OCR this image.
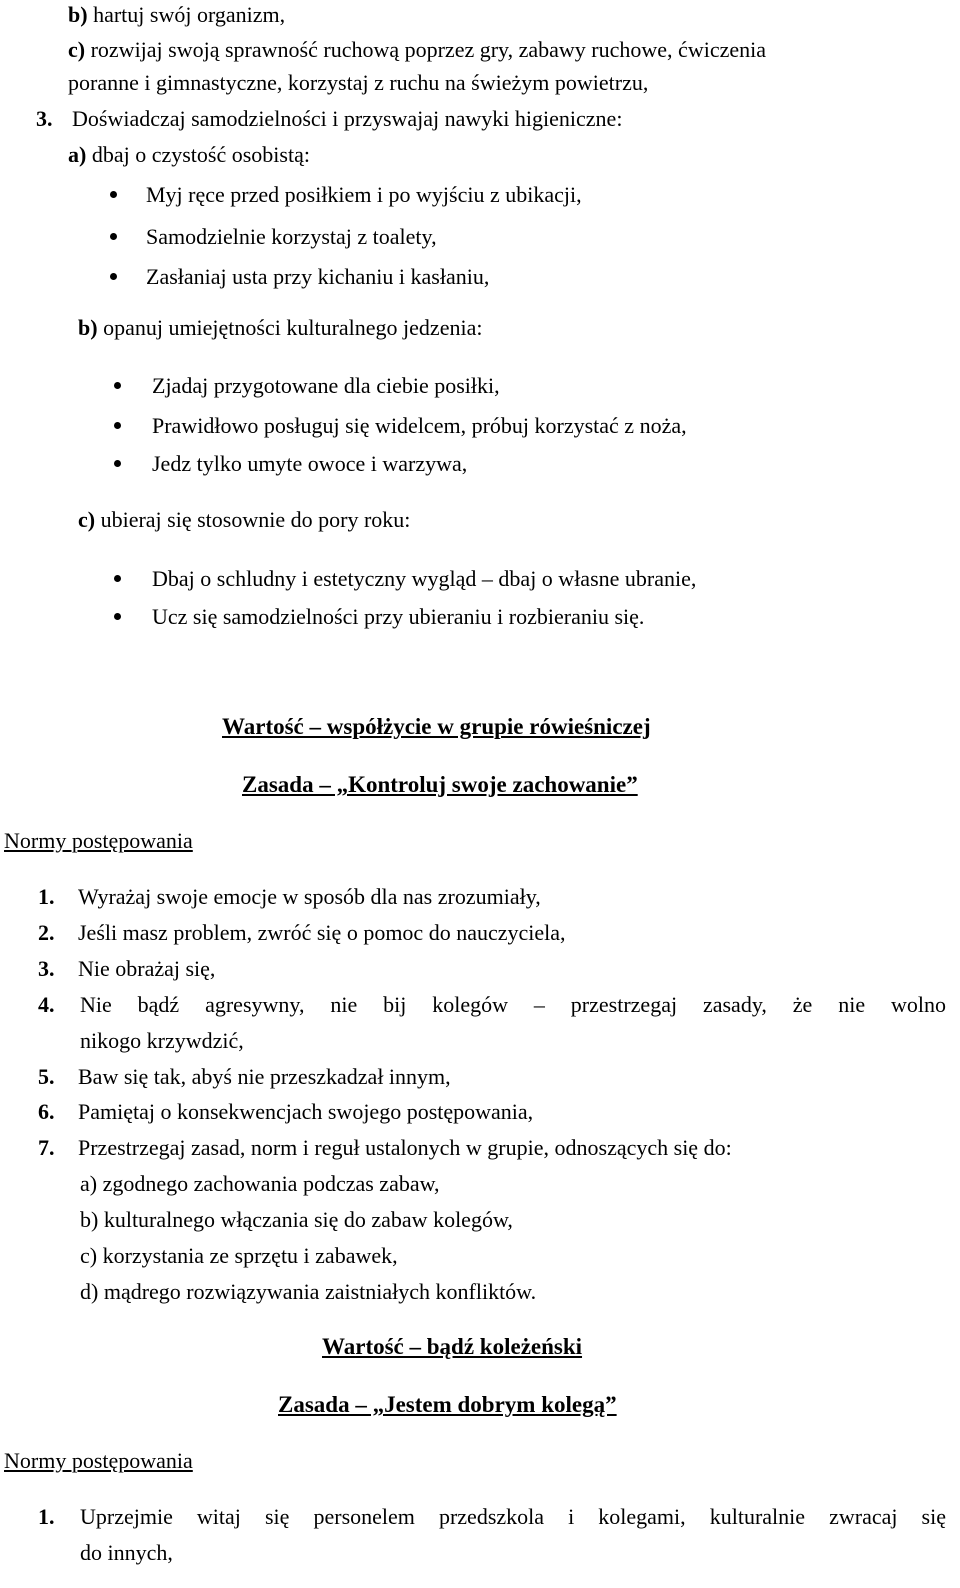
b) hartuj swój organizm,
c) rozwijaj swoją sprawność ruchową poprzez gry, zabawy ruchowe, ćwiczenia
poranne i gimnastyczne, korzystaj z ruchu na świeżym powietrzu,
3. Doświadczaj samodzielności i przyswajaj nawyki higieniczne:
a) dbaj o czystość osobistą:
Myj ręce przed posiłkiem i po wyjściu z ubikacji,
Samodzielnie korzystaj z toalety,
Zasłaniaj usta przy kichaniu i kasłaniu,
b) opanuj umiejętności kulturalnego jedzenia:
Zjadaj przygotowane dla ciebie posiłki,
Prawidłowo posługuj się widelcem, próbuj korzystać z noża,
Jedz tylko umyte owoce i warzywa,
c) ubieraj się stosownie do pory roku:
Dbaj o schludny i estetyczny wygląd – dbaj o własne ubranie,
Ucz się samodzielności przy ubieraniu i rozbieraniu się.
Wartość – współżycie w grupie rówieśniczej
Zasada – „Kontroluj swoje zachowanie”
Normy postępowania
1. Wyrażaj swoje emocje w sposób dla nas zrozumiały,
2. Jeśli masz problem, zwróć się o pomoc do nauczyciela,
3. Nie obrażaj się,
4. Nie bądź agresywny, nie bij kolegów – przestrzegaj zasady, że nie wolno
nikogo krzywdzić,
5. Baw się tak, abyś nie przeszkadzał innym,
6. Pamiętaj o konsekwencjach swojego postępowania,
7. Przestrzegaj zasad, norm i reguł ustalonych w grupie, odnoszących się do:
a) zgodnego zachowania podczas zabaw,
b) kulturalnego włączania się do zabaw kolegów,
c) korzystania ze sprzętu i zabawek,
d) mądrego rozwiązywania zaistniałych konfliktów.
Wartość – bądź koleżeński
Zasada – „Jestem dobrym kolegą”
Normy postępowania
1. Uprzejmie witaj się personelem przedszkola i kolegami, kulturalnie zwracaj się
do innych,
